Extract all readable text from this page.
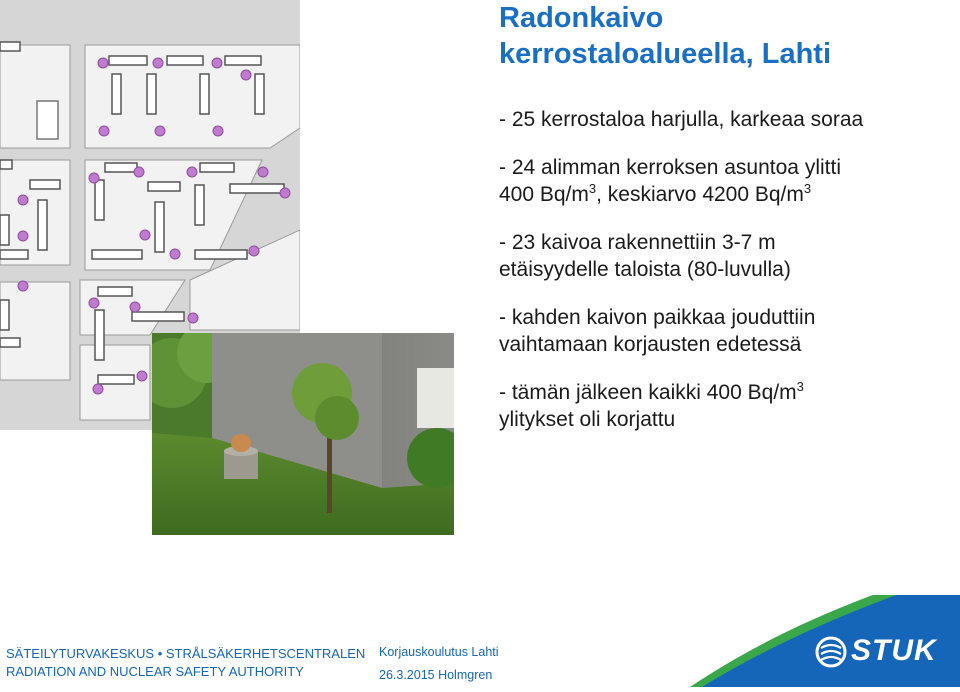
Radonkaivo
kerrostaloalueella, Lahti

- 25 kerrostaloa harjulla, karkeaa soraa

- 24 alimman kerroksen asuntoa ylitti
400 $Bq/m^3$, keskiarvo 4200 $Bq/m^3$

- 23 kaivoa rakennettiin 3-7 m
etäisyydelle taloista (80-luvulla)

- kahden kaivon paikkaa jouduttiin
vaihtamaan korjausten edetessä

- tämän jälkeen kaikki 400 $Bq/m^3$
ylitykset oli korjattu

STUK
SÄTEILYTURVAKESKUS • STRÅLSÄKERHETSCENTRALEN
RADIATION AND NUCLEAR SAFETY AUTHORITY
Korjauskoulutus Lahti
26.3.2015 Holmgren
